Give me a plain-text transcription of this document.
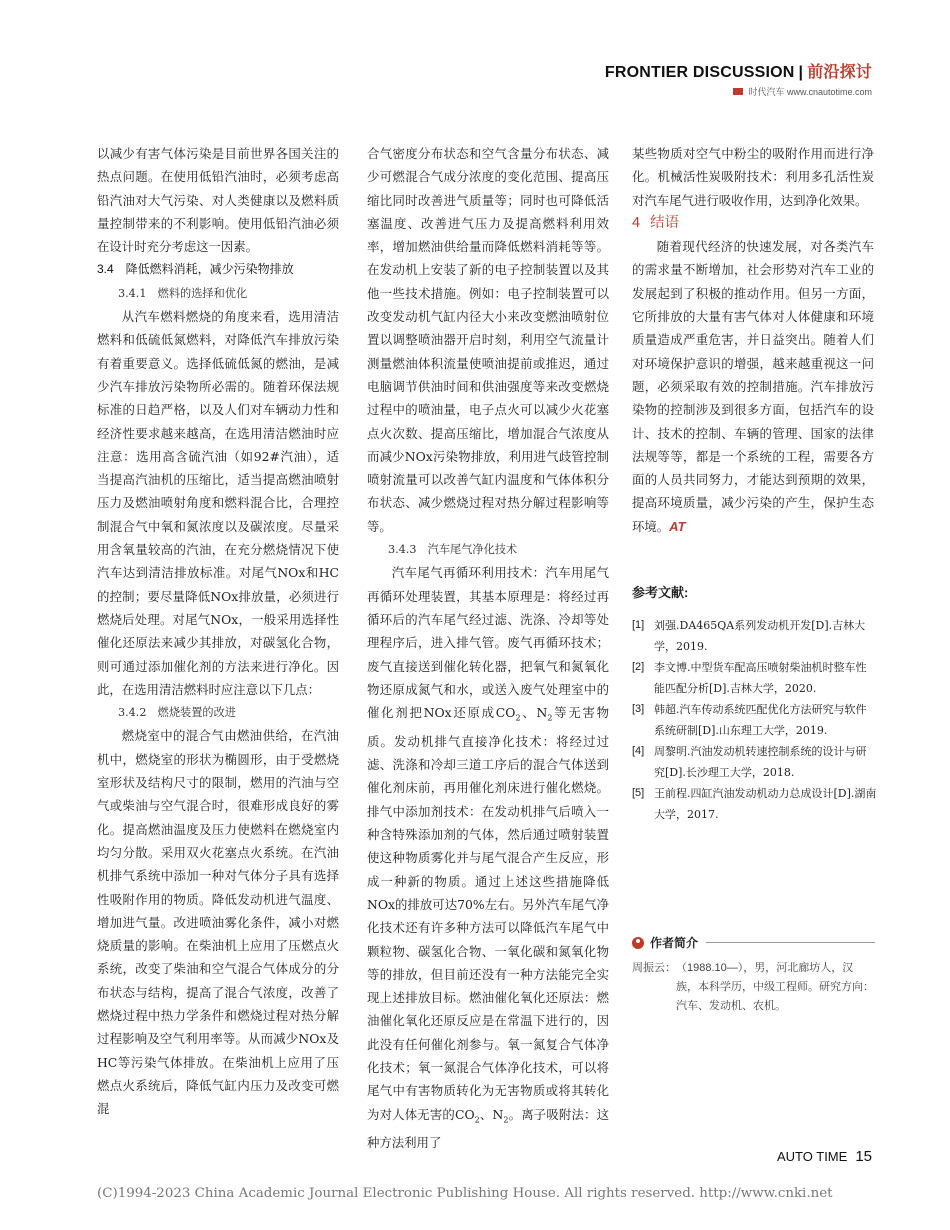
FRONTIER DISCUSSION | 前沿探讨
时代汽车 www.cnautotime.com

以减少有害气体污染是目前世界各国关注的热点问题。在使用低铅汽油时，必须考虑高铅汽油对大气污染、对人类健康以及燃料质量控制带来的不利影响。使用低铅汽油必须在设计时充分考虑这一因素。

3.4　降低燃料消耗，减少污染物排放

3.4.1　燃料的选择和优化

从汽车燃料燃烧的角度来看，选用清洁燃料和低硫低氮燃料，对降低汽车排放污染有着重要意义。选择低硫低氮的燃油，是减少汽车排放污染物所必需的。随着环保法规标准的日趋严格，以及人们对车辆动力性和经济性要求越来越高，在选用清洁燃油时应注意：选用高含硫汽油（如92#汽油），适当提高汽油机的压缩比，适当提高燃油喷射压力及燃油喷射角度和燃料混合比，合理控制混合气中氧和氮浓度以及碳浓度。尽量采用含氧量较高的汽油，在充分燃烧情况下使汽车达到清洁排放标准。对尾气NOx和HC的控制；要尽量降低NOx排放量，必须进行燃烧后处理。对尾气NOx，一般采用选择性催化还原法来减少其排放，对碳氢化合物，则可通过添加催化剂的方法来进行净化。因此，在选用清洁燃料时应注意以下几点：

3.4.2　燃烧装置的改进

燃烧室中的混合气由燃油供给，在汽油机中，燃烧室的形状为椭圆形，由于受燃烧室形状及结构尺寸的限制，燃用的汽油与空气或柴油与空气混合时，很难形成良好的雾化。提高燃油温度及压力使燃料在燃烧室内均匀分散。采用双火花塞点火系统。在汽油机排气系统中添加一种对气体分子具有选择性吸附作用的物质。降低发动机进气温度、增加进气量。改进喷油雾化条件，减小对燃烧质量的影响。在柴油机上应用了压燃点火系统，改变了柴油和空气混合气体成分的分布状态与结构，提高了混合气浓度，改善了燃烧过程中热力学条件和燃烧过程对热分解过程影响及空气利用率等。从而减少NOx及HC等污染气体排放。在柴油机上应用了压燃点火系统后，降低气缸内压力及改变可燃混

合气密度分布状态和空气含量分布状态、减少可燃混合气成分浓度的变化范围、提高压缩比同时改善进气质量等；同时也可降低活塞温度、改善进气压力及提高燃料利用效率，增加燃油供给量而降低燃料消耗等等。在发动机上安装了新的电子控制装置以及其他一些技术措施。例如：电子控制装置可以改变发动机气缸内径大小来改变燃油喷射位置以调整喷油器开启时刻，利用空气流量计测量燃油体积流量使喷油提前或推迟，通过电脑调节供油时间和供油强度等来改变燃烧过程中的喷油量，电子点火可以减少火花塞点火次数、提高压缩比，增加混合气浓度从而减少NOx污染物排放，利用进气歧管控制喷射流量可以改善气缸内温度和气体体积分布状态、减少燃烧过程对热分解过程影响等等。

3.4.3　汽车尾气净化技术

汽车尾气再循环利用技术：汽车用尾气再循环处理装置，其基本原理是：将经过再循环后的汽车尾气经过滤、洗涤、冷却等处理程序后，进入排气管。废气再循环技术；废气直接送到催化转化器，把氧气和氮氧化物还原成氮气和水，或送入废气处理室中的催化剂把NOx还原成$CO_2$、$N_2$等无害物质。发动机排气直接净化技术：将经过过滤、洗涤和冷却三道工序后的混合气体送到催化剂床前，再用催化剂床进行催化燃烧。排气中添加剂技术：在发动机排气后喷入一种含特殊添加剂的气体，然后通过喷射装置使这种物质雾化并与尾气混合产生反应，形成一种新的物质。通过上述这些措施降低NOx的排放可达70%左右。另外汽车尾气净化技术还有许多种方法可以降低汽车尾气中颗粒物、碳氢化合物、一氧化碳和氮氧化物等的排放，但目前还没有一种方法能完全实现上述排放目标。燃油催化氧化还原法：燃油催化氧化还原反应是在常温下进行的，因此没有任何催化剂参与。氧一氮复合气体净化技术；氧一氮混合气体净化技术，可以将尾气中有害物质转化为无害物质或将其转化为对人体无害的$CO_2$、$N_2$。离子吸附法：这种方法利用了

某些物质对空气中粉尘的吸附作用而进行净化。机械活性炭吸附技术：利用多孔活性炭对汽车尾气进行吸收作用，达到净化效果。

4 结语

随着现代经济的快速发展，对各类汽车的需求量不断增加，社会形势对汽车工业的发展起到了积极的推动作用。但另一方面，它所排放的大量有害气体对人体健康和环境质量造成严重危害，并日益突出。随着人们对环境保护意识的增强，越来越重视这一问题，必须采取有效的控制措施。汽车排放污染物的控制涉及到很多方面，包括汽车的设计、技术的控制、车辆的管理、国家的法律法规等等，都是一个系统的工程，需要各方面的人员共同努力，才能达到预期的效果，提高环境质量，减少污染的产生，保护生态环境。AT

参考文献:
[1] 刘强.DA465QA系列发动机开发[D].吉林大学，2019.
[2] 李文博.中型货车配高压喷射柴油机时整车性能匹配分析[D].吉林大学，2020.
[3] 韩超.汽车传动系统匹配优化方法研究与软件系统研制[D].山东理工大学，2019.
[4] 周黎明.汽油发动机转速控制系统的设计与研究[D].长沙理工大学，2018.
[5] 王前程.四缸汽油发动机动力总成设计[D].湖南大学，2017.
作者简介
周振云： （1988.10—），男，河北廊坊人，汉族，本科学历，中级工程师。研究方向：汽车、发动机、农机。
AUTO TIME 15
(C)1994-2023 China Academic Journal Electronic Publishing House. All rights reserved. http://www.cnki.net
